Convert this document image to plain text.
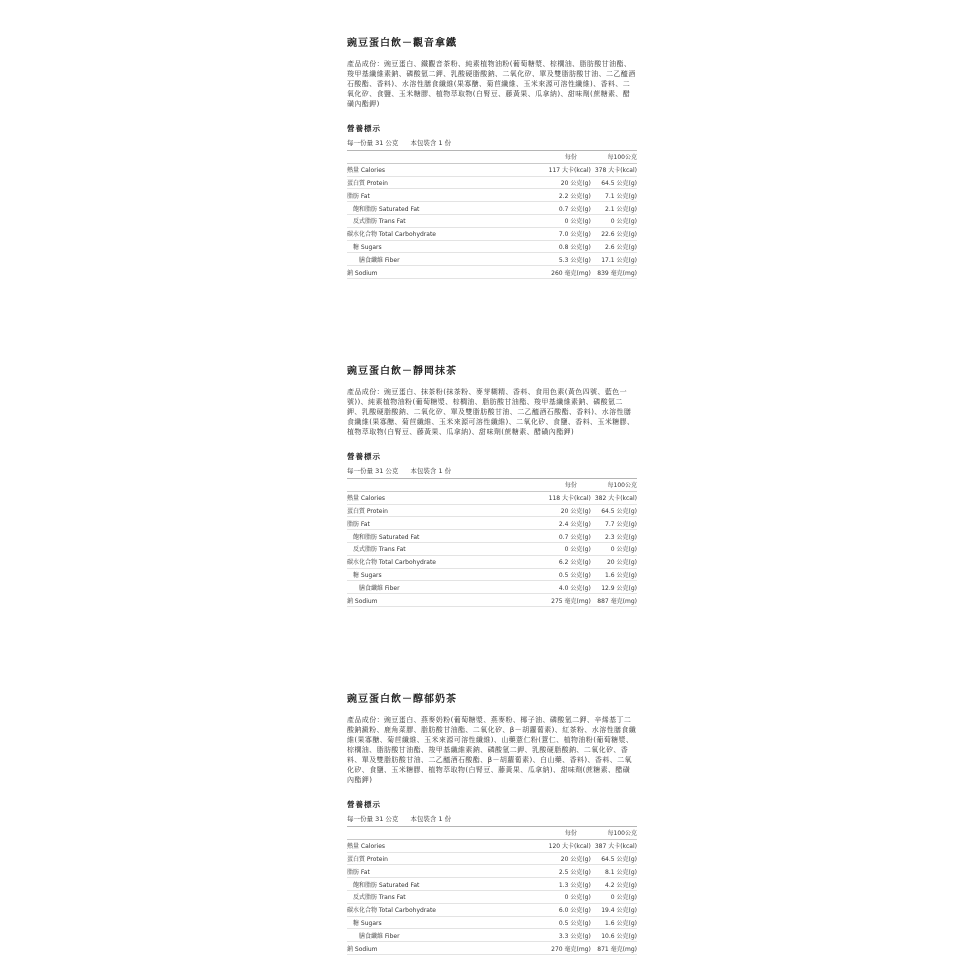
豌豆蛋白飲－觀音拿鐵

產品成份：豌豆蛋白、鐵觀音茶粉、純素植物油粉(葡萄糖漿、棕櫚油、脂肪酸甘油酯、羧甲基纖維素鈉、磷酸氫二鉀、乳酸硬脂酸鈉、二氧化矽、單及雙脂肪酸甘油、二乙醯酒石酸酯、香料)、水溶性膳食纖維(果寡醣、菊苣纖維、玉米來源可溶性纖維)、香料、二氧化矽、食鹽、玉米糖膠、植物萃取物(白腎豆、藤黃果、瓜拿納)、甜味劑(蔗糖素、醋磺內酯鉀)

營養標示
每一份量 31 公克 本包裝含 1 份
	每份	每100公克
熱量 Calories	117 大卡(kcal)	378 大卡(kcal)
蛋白質 Protein	20 公克(g)	64.5 公克(g)
脂肪 Fat	2.2 公克(g)	7.1 公克(g)
飽和脂肪 Saturated Fat	0.7 公克(g)	2.1 公克(g)
反式脂肪 Trans Fat	0 公克(g)	0 公克(g)
碳水化合物 Total Carbohydrate	7.0 公克(g)	22.6 公克(g)
糖 Sugars	0.8 公克(g)	2.6 公克(g)
膳食纖維 Fiber	5.3 公克(g)	17.1 公克(g)
鈉 Sodium	260 毫克(mg)	839 毫克(mg)
豌豆蛋白飲－靜岡抹茶

產品成份：豌豆蛋白、抹茶粉(抹茶粉、麥芽糊精、香料、食用色素(黃色四號、藍色一號))、純素植物油粉(葡萄糖漿、棕櫚油、脂肪酸甘油酯、羧甲基纖維素鈉、磷酸氫二鉀、乳酸硬脂酸鈉、二氧化矽、單及雙脂肪酸甘油、二乙醯酒石酸酯、香料)、水溶性膳食纖維(果寡醣、菊苣纖維、玉米來源可溶性纖維)、二氧化矽、食鹽、香料、玉米糖膠、植物萃取物(白腎豆、藤黃果、瓜拿納)、甜味劑(蔗糖素、醋磺內酯鉀)

營養標示
每一份量 31 公克 本包裝含 1 份
	每份	每100公克
熱量 Calories	118 大卡(kcal)	382 大卡(kcal)
蛋白質 Protein	20 公克(g)	64.5 公克(g)
脂肪 Fat	2.4 公克(g)	7.7 公克(g)
飽和脂肪 Saturated Fat	0.7 公克(g)	2.3 公克(g)
反式脂肪 Trans Fat	0 公克(g)	0 公克(g)
碳水化合物 Total Carbohydrate	6.2 公克(g)	20 公克(g)
糖 Sugars	0.5 公克(g)	1.6 公克(g)
膳食纖維 Fiber	4.0 公克(g)	12.9 公克(g)
鈉 Sodium	275 毫克(mg)	887 毫克(mg)
豌豆蛋白飲－醇郁奶茶

產品成份：豌豆蛋白、燕麥奶粉(葡萄糖漿、燕麥粉、椰子油、磷酸氫二鉀、辛烯基丁二酸鈉澱粉、鹿角菜膠、脂肪酸甘油酯、二氧化矽、β－胡蘿蔔素)、紅茶粉、水溶性膳食纖維(果寡醣、菊苣纖維、玉米來源可溶性纖維)、山藥薏仁粉(薏仁、植物油粉(葡萄糖漿、棕櫚油、脂肪酸甘油酯、羧甲基纖維素鈉、磷酸氫二鉀、乳酸硬脂酸鈉、二氧化矽、香料、單及雙脂肪酸甘油、二乙醯酒石酸酯、β－胡蘿蔔素)、白山藥、香料)、香料、二氧化矽、食鹽、玉米糖膠、植物萃取物(白腎豆、藤黃果、瓜拿納)、甜味劑(蔗糖素、醋磺內酯鉀)

營養標示
每一份量 31 公克 本包裝含 1 份
	每份	每100公克
熱量 Calories	120 大卡(kcal)	387 大卡(kcal)
蛋白質 Protein	20 公克(g)	64.5 公克(g)
脂肪 Fat	2.5 公克(g)	8.1 公克(g)
飽和脂肪 Saturated Fat	1.3 公克(g)	4.2 公克(g)
反式脂肪 Trans Fat	0 公克(g)	0 公克(g)
碳水化合物 Total Carbohydrate	6.0 公克(g)	19.4 公克(g)
糖 Sugars	0.5 公克(g)	1.6 公克(g)
膳食纖維 Fiber	3.3 公克(g)	10.6 公克(g)
鈉 Sodium	270 毫克(mg)	871 毫克(mg)
